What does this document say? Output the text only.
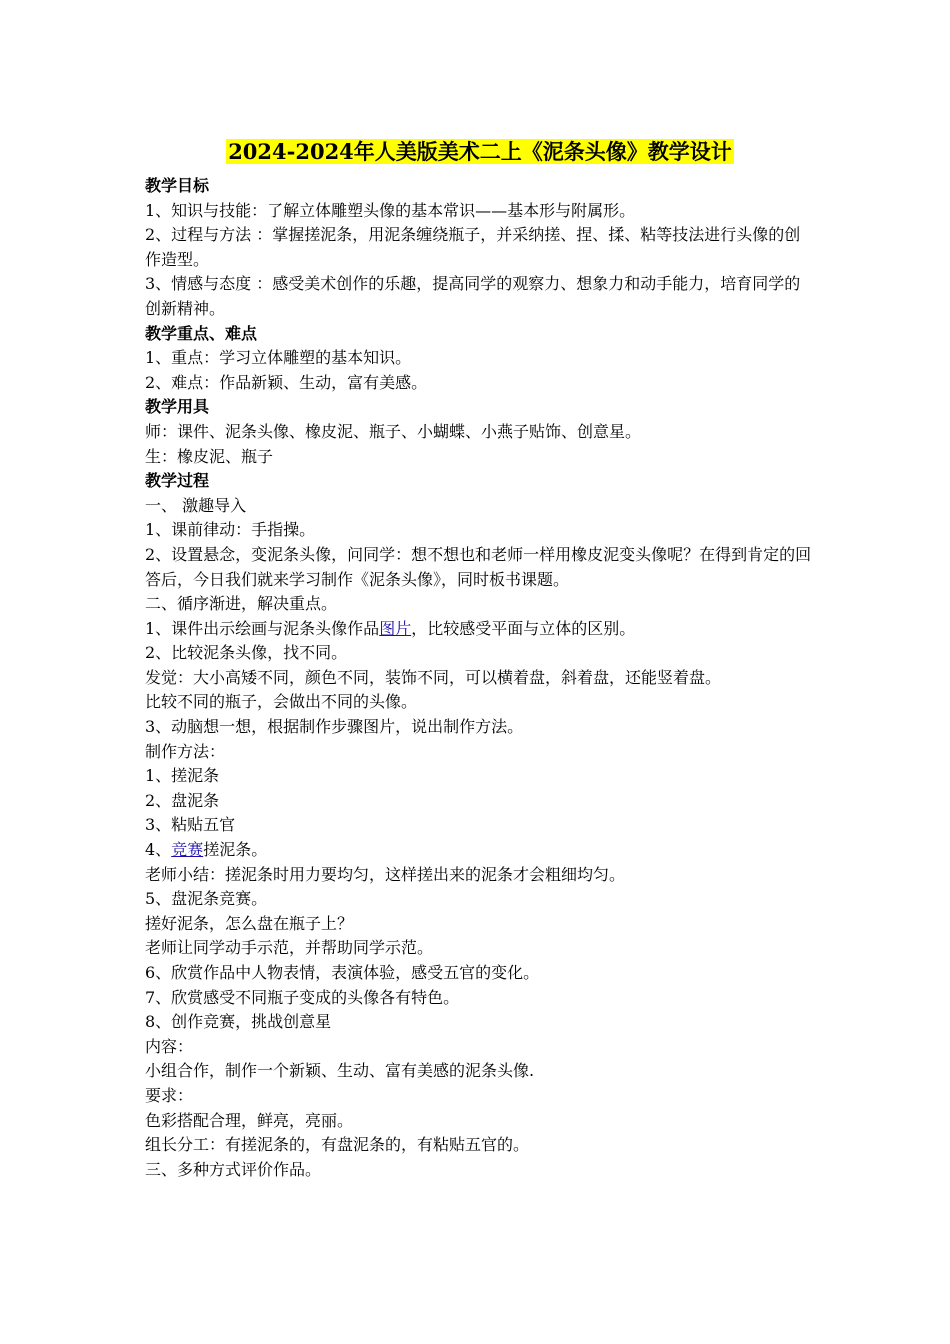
2024-2024年人美版美术二上《泥条头像》教学设计
教学目标
1、知识与技能：了解立体雕塑头像的基本常识——基本形与附属形。
2、过程与方法 ：掌握搓泥条，用泥条缠绕瓶子，并采纳搓、捏、揉、粘等技法进行头像的创作造型。
3、情感与态度 ：感受美术创作的乐趣，提高同学的观察力、想象力和动手能力，培育同学的创新精神。
教学重点、难点
1、重点：学习立体雕塑的基本知识。
2、难点：作品新颖、生动，富有美感。
教学用具
师：课件、泥条头像、橡皮泥、瓶子、小蝴蝶、小燕子贴饰、创意星。
生：橡皮泥、瓶子
教学过程
一、 激趣导入
1、课前律动：手指操。
2、设置悬念，变泥条头像，问同学：想不想也和老师一样用橡皮泥变头像呢？在得到肯定的回答后，今日我们就来学习制作《泥条头像》，同时板书课题。
二、循序渐进，解决重点。
1、课件出示绘画与泥条头像作品图片，比较感受平面与立体的区别。
2、比较泥条头像，找不同。
发觉：大小高矮不同，颜色不同，装饰不同，可以横着盘，斜着盘，还能竖着盘。
比较不同的瓶子，会做出不同的头像。
3、动脑想一想，根据制作步骤图片，说出制作方法。
制作方法：
1、搓泥条
2、盘泥条
3、粘贴五官
4、竞赛搓泥条。
老师小结：搓泥条时用力要均匀，这样搓出来的泥条才会粗细均匀。
5、盘泥条竞赛。
搓好泥条，怎么盘在瓶子上？
老师让同学动手示范，并帮助同学示范。
6、欣赏作品中人物表情，表演体验，感受五官的变化。
7、欣赏感受不同瓶子变成的头像各有特色。
8、创作竞赛，挑战创意星
内容：
小组合作，制作一个新颖、生动、富有美感的泥条头像.
要求：
色彩搭配合理，鲜亮，亮丽。
组长分工：有搓泥条的，有盘泥条的，有粘贴五官的。
三、多种方式评价作品。
